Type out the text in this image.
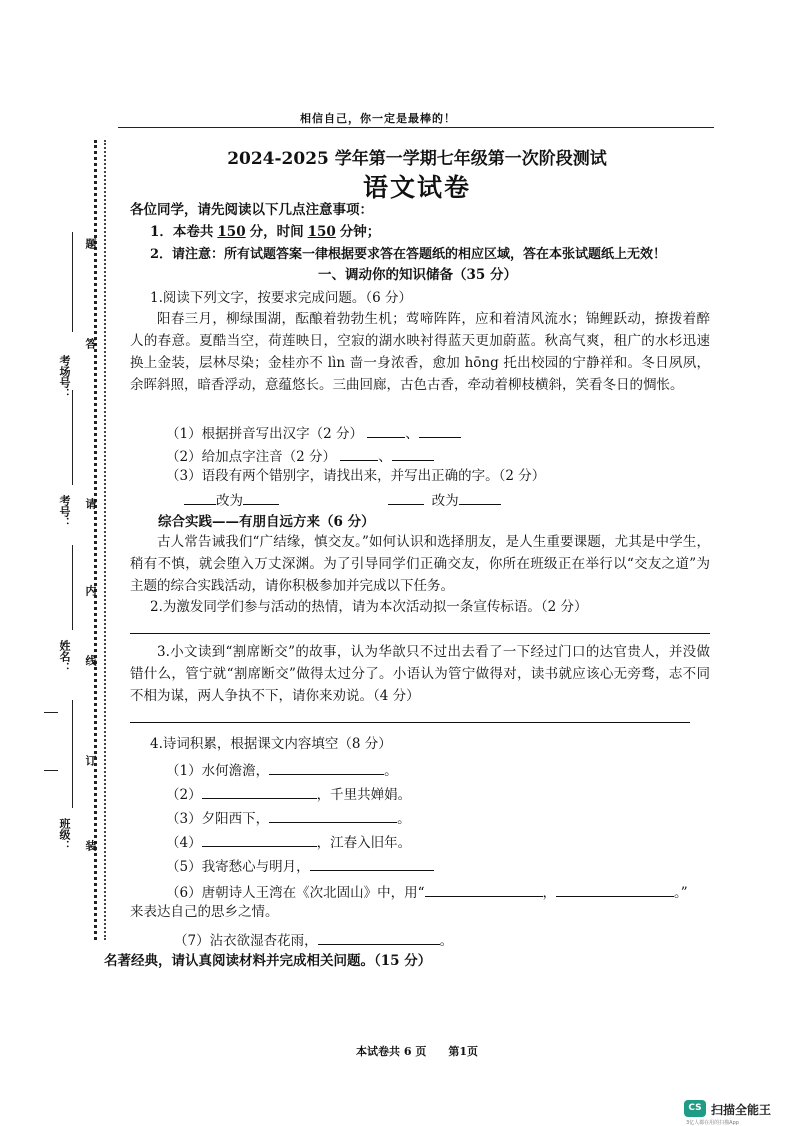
相信自己，你一定是最棒的！
2024-2025 学年第一学期七年级第一次阶段测试
语文试卷
题
答
请
内
线
订
装
考场号：
考号：
姓名：
班级：
各位同学，请先阅读以下几点注意事项：
1．本卷共 150 分，时间 150 分钟；
2．请注意：所有试题答案一律根据要求答在答题纸的相应区域，答在本张试题纸上无效！
一、调动你的知识储备（35 分）
1.阅读下列文字，按要求完成问题。（6 分）
阳春三月，柳绿围湖，酝酿着勃勃生机；莺啼阵阵，应和着清风流水；锦鲤跃动，撩拨着醉人的春意。夏酷当空，荷莲映日，空寂的湖水映衬得蓝天更加蔚蓝。秋高气爽，租广的水杉迅速换上金装，层林尽染；金桂亦不 lìn 啬一身浓香，愈加 hōng 托出校园的宁静祥和。冬日夙夙，余晖斜照，暗香浮动，意蕴悠长。三曲回廊，古色古香，牵动着柳枝横斜，笑看冬日的惆怅。
（1）根据拼音写出汉字（2 分）	、
（2）给加点字注音（2 分）	、
（3）语段有两个错别字，请找出来，并写出正确的字。（2 分）
改为	改为
综合实践——有朋自远方来（6 分）
古人常告诫我们“广结缘，慎交友。”如何认识和选择朋友，是人生重要课题，尤其是中学生，稍有不慎，就会堕入万丈深渊。为了引导同学们正确交友，你所在班级正在举行以“交友之道”为主题的综合实践活动，请你积极参加并完成以下任务。
2.为激发同学们参与活动的热情，请为本次活动拟一条宣传标语。（2 分）
3.小文读到“割席断交”的故事，认为华歆只不过出去看了一下经过门口的达官贵人，并没做错什么，管宁就“割席断交”做得太过分了。小语认为管宁做得对，读书就应该心无旁骛，志不同不相为谋，两人争执不下，请你来劝说。（4 分）
4.诗词积累，根据课文内容填空（8 分）
（1）水何澹澹，	。
（2）	，千里共婵娟。
（3）夕阳西下，	。
（4）	，江春入旧年。
（5）我寄愁心与明月，
（6）唐朝诗人王湾在《次北固山》中，用“	，	。”
来表达自己的思乡之情。
（7）沾衣欲湿杏花雨，	。
名著经典，请认真阅读材料并完成相关问题。（15 分）
本试卷共 6 页　　第1页
CS 扫描全能王
3亿人都在用的扫描App
